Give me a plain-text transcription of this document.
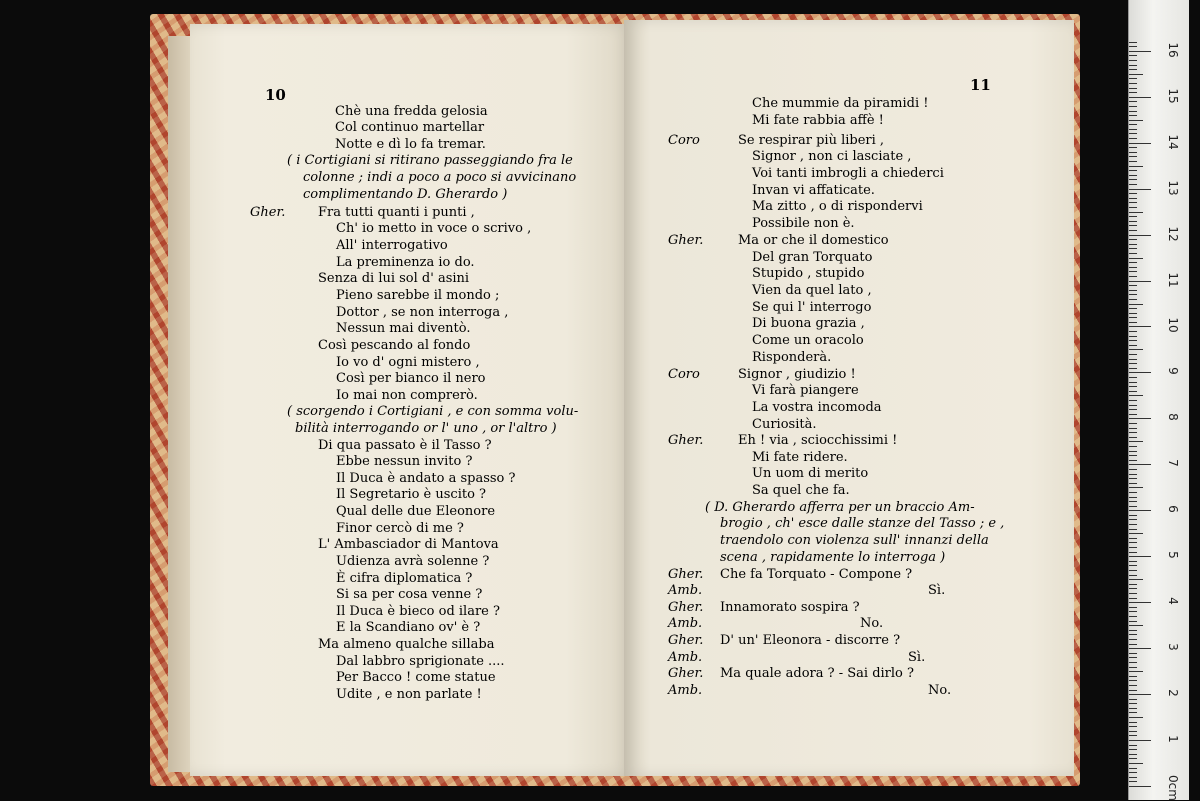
10
11
Chè una fredda gelosia
Col continuo martellar
Notte e dì lo fa tremar.
( i Cortigiani si ritirano passeggiando fra le
colonne ; indi a poco a poco si avvicinano
complimentando D. Gherardo )
Gher.	Fra tutti quanti i punti ,
Ch' io metto in voce o scrivo ,
All' interrogativo
La preminenza io do.
Senza di lui sol d' asini
Pieno sarebbe il mondo ;
Dottor , se non interroga ,
Nessun mai diventò.
Così pescando al fondo
Io vo d' ogni mistero ,
Così per bianco il nero
Io mai non comprerò.
( scorgendo i Cortigiani , e con somma volu-
bilità interrogando or l' uno , or l'altro )
Di qua passato è il Tasso ?
Ebbe nessun invito ?
Il Duca è andato a spasso ?
Il Segretario è uscito ?
Qual delle due Eleonore
Finor cercò di me ?
L' Ambasciador di Mantova
Udienza avrà solenne ?
È cifra diplomatica ?
Si sa per cosa venne ?
Il Duca è bieco od ilare ?
E la Scandiano ov' è ?
Ma almeno qualche sillaba
Dal labbro sprigionate ....
Per Bacco ! come statue
Udite , e non parlate !
Che mummie da piramidi !
Mi fate rabbia affè !
Coro	Se respirar più liberi ,
Signor , non ci lasciate ,
Voi tanti imbrogli a chiederci
Invan vi affaticate.
Ma zitto , o di rispondervi
Possibile non è.
Gher.	Ma or che il domestico
Del gran Torquato
Stupido , stupido
Vien da quel lato ,
Se qui l' interrogo
Di buona grazia ,
Come un oracolo
Risponderà.
Coro	Signor , giudizio !
Vi farà piangere
La vostra incomoda
Curiosità.
Gher.	Eh ! via , sciocchissimi !
Mi fate ridere.
Un uom di merito
Sa quel che fa.
( D. Gherardo afferra per un braccio Am-
brogio , ch' esce dalle stanze del Tasso ; e ,
traendolo con violenza sull' innanzi della
scena , rapidamente lo interroga )
Gher. Che fa Torquato - Compone ?
Amb.	Sì.
Gher. Innamorato sospira ?
Amb.	No.
Gher. D' un' Eleonora - discorre ?
Amb.	Sì.
Gher. Ma quale adora ? - Sai dirlo ?
Amb.	No.
0cm
1
2
3
4
5
6
7
8
9
10
11
12
13
14
15
16
